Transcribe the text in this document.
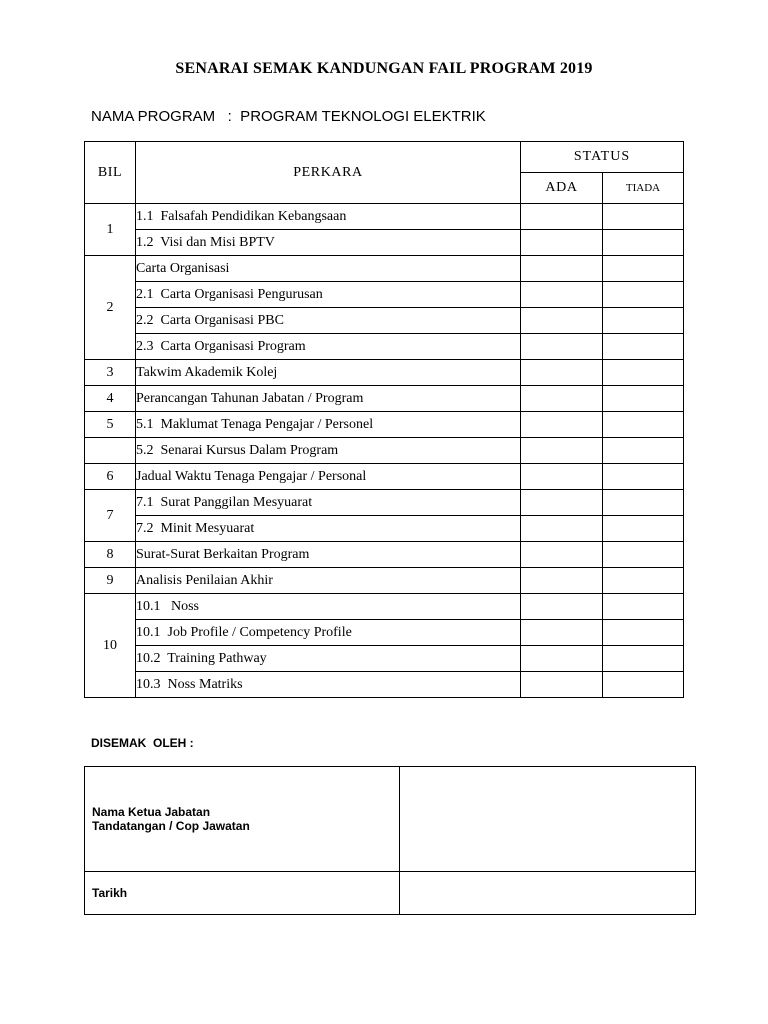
SENARAI SEMAK KANDUNGAN FAIL PROGRAM 2019
NAMA PROGRAM   :  PROGRAM TEKNOLOGI ELEKTRIK
BIL	PERKARA	STATUS	
		ADA	TIADA
1	1.1  Falsafah Pendidikan Kebangsaan		
	1.2  Visi dan Misi BPTV		
2	Carta Organisasi		
	2.1  Carta Organisasi Pengurusan		
	2.2  Carta Organisasi PBC		
	2.3  Carta Organisasi Program		
3	Takwim Akademik Kolej		
4	Perancangan Tahunan Jabatan / Program		
5	5.1  Maklumat Tenaga Pengajar / Personel		
	5.2  Senarai Kursus Dalam Program		
6	Jadual Waktu Tenaga Pengajar / Personal		
7	7.1  Surat Panggilan Mesyuarat		
	7.2  Minit Mesyuarat		
8	Surat-Surat Berkaitan Program		
9	Analisis Penilaian Akhir		
10	10.1   Noss		
	10.1  Job Profile / Competency Profile		
	10.2  Training Pathway		
	10.3  Noss Matriks		
DISEMAK  OLEH :
Nama Ketua Jabatan
Tandatangan / Cop Jawatan	

Tarikh	
